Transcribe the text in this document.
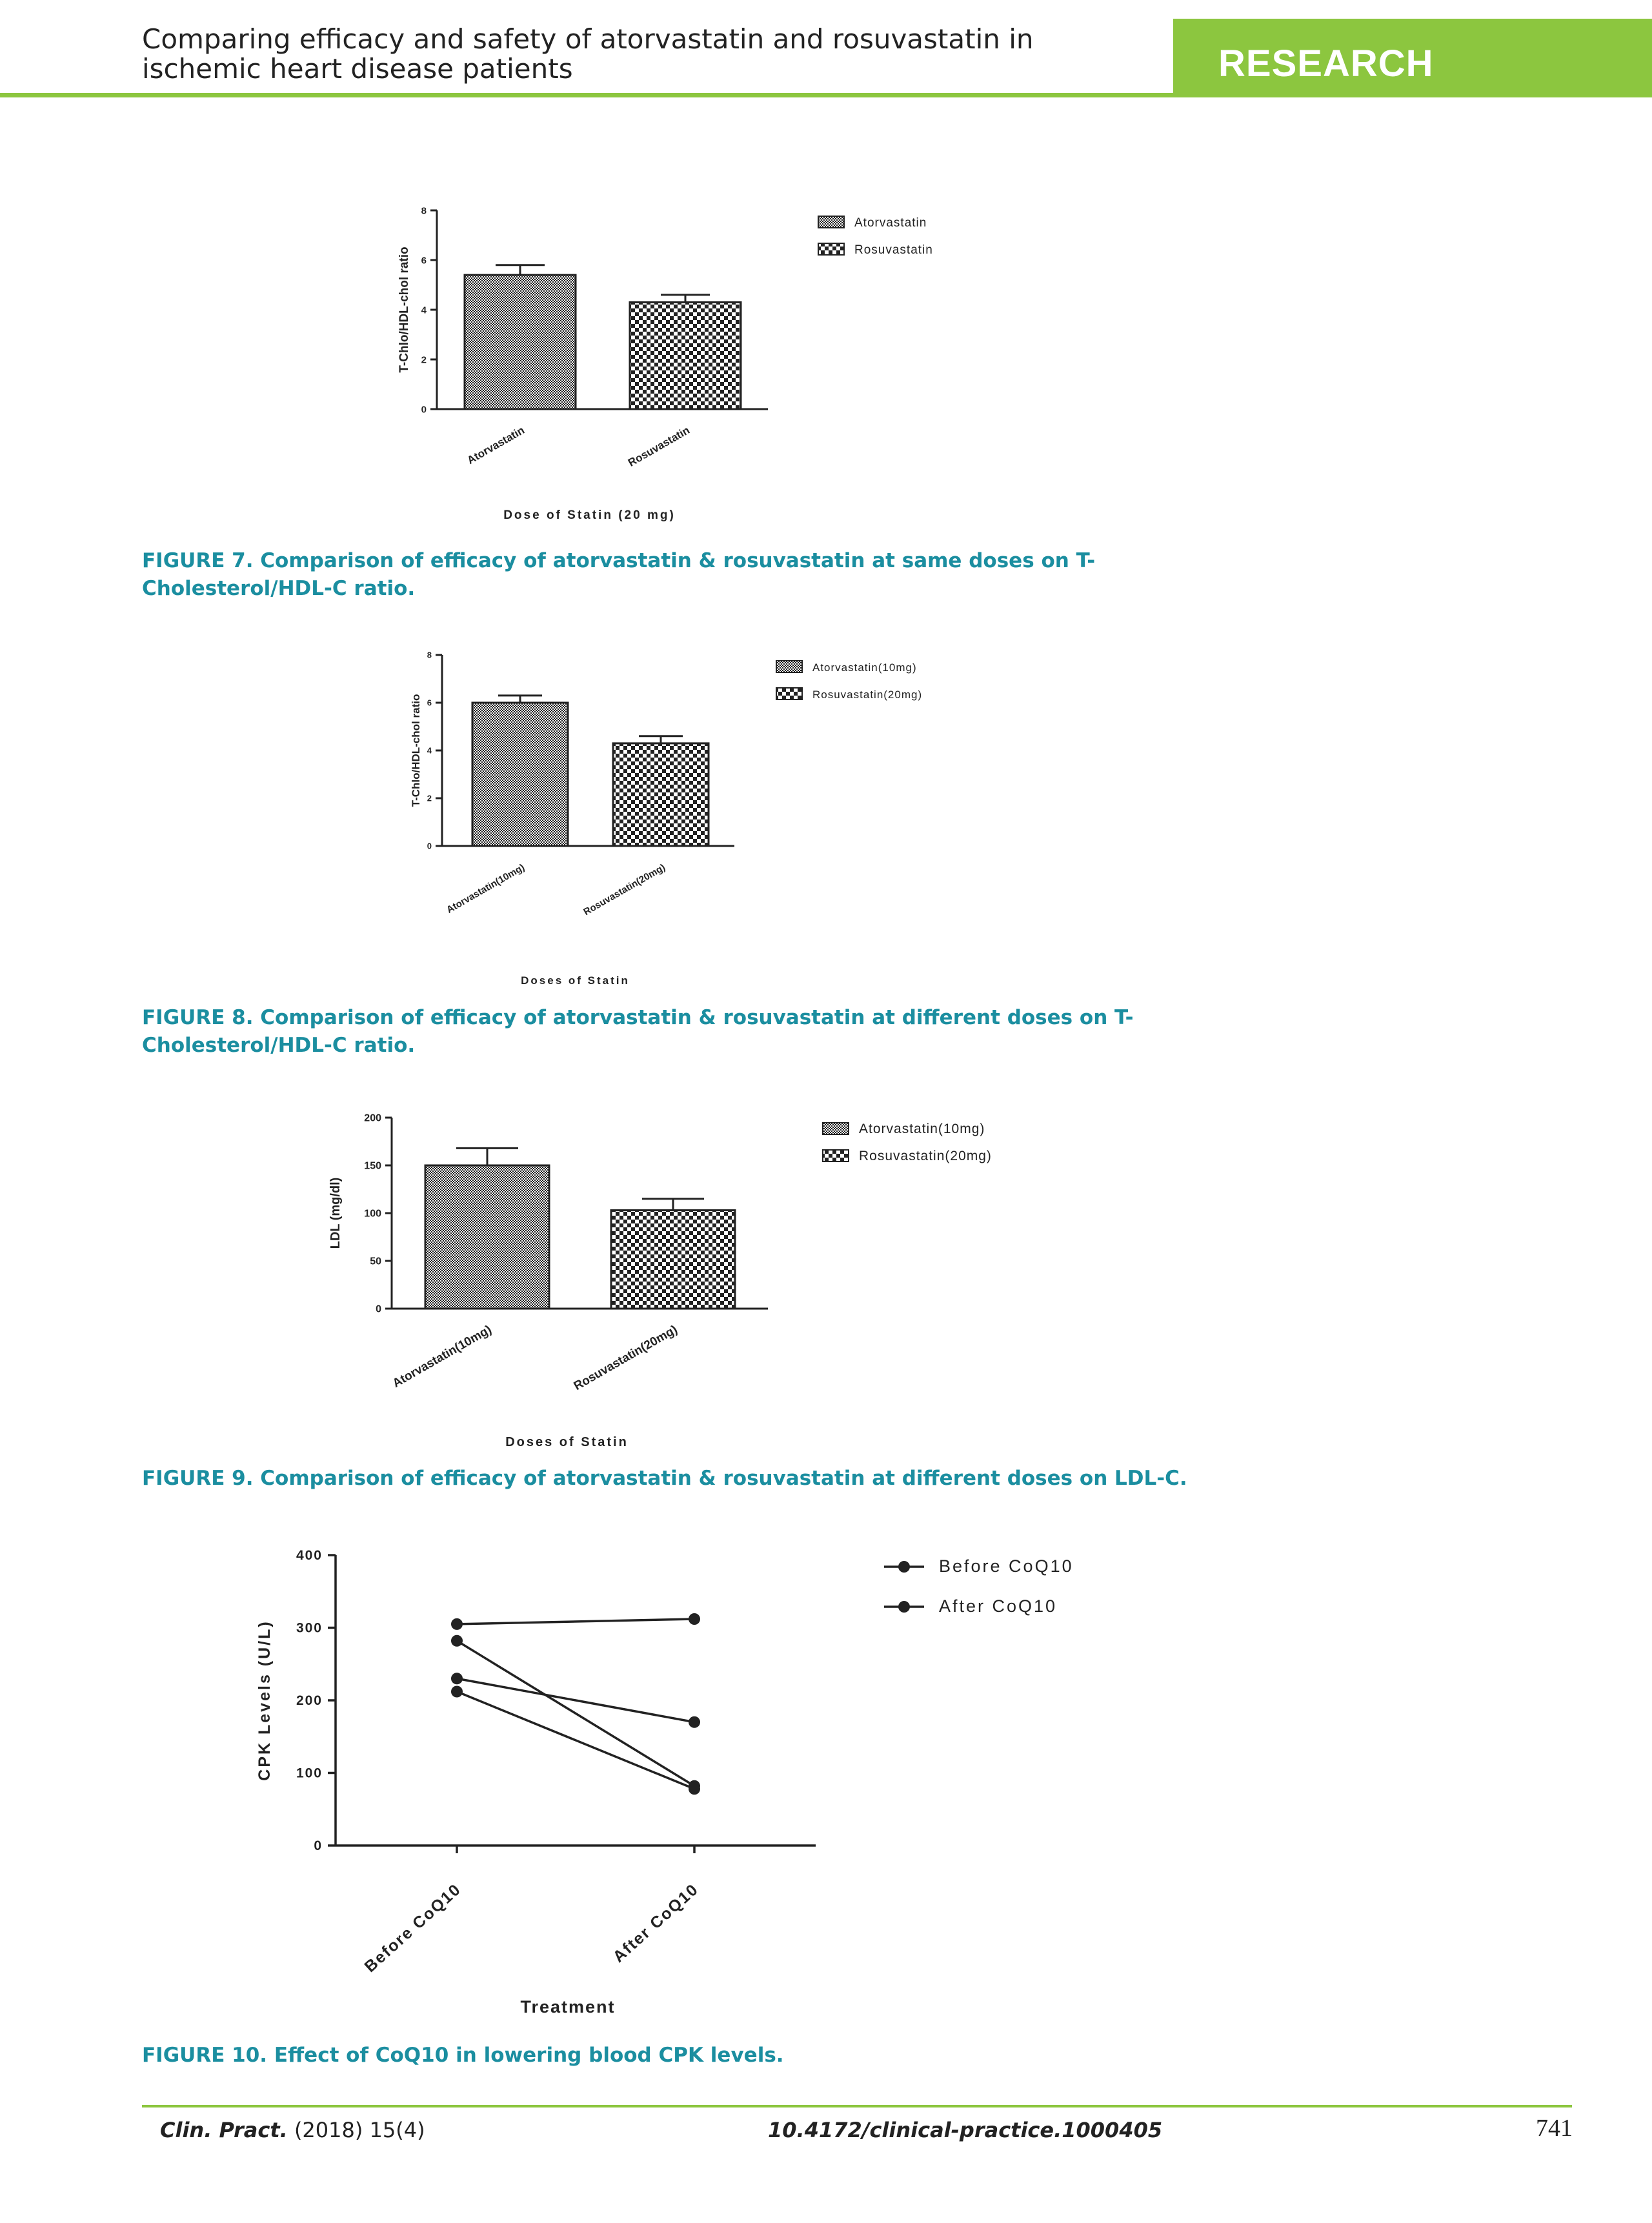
Comparing efficacy and safety of atorvastatin and rosuvastatin in ischemic heart disease patients	RESEARCH
0
2
4
6
8
Atorvastatin	Rosuvastatin
T-Chlo/HDL-chol ratio
Dose of Statin (20 mg)
Atorvastatin
Rosuvastatin
FIGURE 7. Comparison of efficacy of atorvastatin & rosuvastatin at same doses on T-Cholesterol/HDL-C ratio.
0
2
4
6
8
Atorvastatin(10mg)	Rosuvastatin(20mg)
T-Chlo/HDL-chol ratio
Doses of Statin
Atorvastatin(10mg)
Rosuvastatin(20mg)
FIGURE 8. Comparison of efficacy of atorvastatin & rosuvastatin at different doses on T-Cholesterol/HDL-C ratio.
0
50
100
150
200
Atorvastatin(10mg)	Rosuvastatin(20mg)
LDL (mg/dl)
Doses of Statin
Atorvastatin(10mg)
Rosuvastatin(20mg)
FIGURE 9. Comparison of efficacy of atorvastatin & rosuvastatin at different doses on LDL-C.
0
100
200
300
400
Before CoQ10	After CoQ10
CPK Levels (U/L)
Treatment
Before CoQ10
After CoQ10
FIGURE 10. Effect of CoQ10 in lowering blood CPK levels.
Clin. Pract. (2018) 15(4)	10.4172/clinical-practice.1000405	741
